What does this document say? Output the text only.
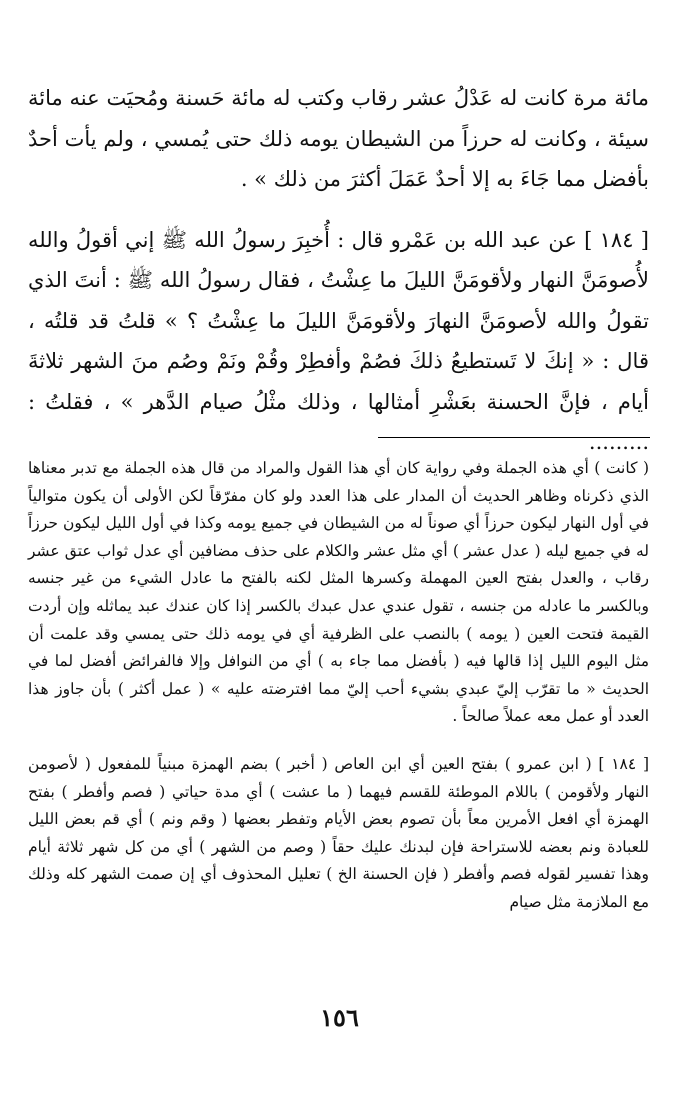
مائة مرة كانت له عَدْلُ عشر رقاب وكتب له مائة حَسنة ومُحيَت عنه مائة سيئة ، وكانت له حرزاً من الشيطان يومه ذلك حتى يُمسي ، ولم يأت أحدٌ بأفضل مما جَاءَ به إلا أحدٌ عَمَلَ أكثرَ من ذلك » .

[ ١٨٤ ] عن عبد الله بن عَمْرو قال : أُخبِرَ رسولُ الله ﷺ إني أقولُ والله لأُصومَنَّ النهار ولأقومَنَّ الليلَ ما عِشْتُ ، فقال رسولُ الله ﷺ : أنتَ الذي تقولُ والله لأصومَنَّ النهارَ ولأقومَنَّ الليلَ ما عِشْتُ ؟ » قلتُ قد قلتُه ، قال : « إنكَ لا تَستطيعُ ذلكَ فصُمْ وأفطِرْ وقُمْ ونَمْ وصُم منَ الشهر ثلاثةَ أيام ، فإنَّ الحسنة بعَشْرِ أمثالها ، وذلك مثْلُ صيام الدَّهر » ، فقلتُ : .........

( كانت ) أي هذه الجملة وفي رواية كان أي هذا القول والمراد من قال هذه الجملة مع تدبر معناها الذي ذكرناه وظاهر الحديث أن المدار على هذا العدد ولو كان مفرّقاً لكن الأولى أن يكون متوالياً في أول النهار ليكون حرزاً أي صوناً له من الشيطان في جميع يومه وكذا في أول الليل ليكون حرزاً له في جميع ليله ( عدل عشر ) أي مثل عشر والكلام على حذف مضافين أي عدل ثواب عتق عشر رقاب ، والعدل بفتح العين المهملة وكسرها المثل لكنه بالفتح ما عادل الشيء من غير جنسه وبالكسر ما عادله من جنسه ، تقول عندي عدل عبدك بالكسر إذا كان عندك عبد يماثله وإن أردت القيمة فتحت العين ( يومه ) بالنصب على الظرفية أي في يومه ذلك حتى يمسي وقد علمت أن مثل اليوم الليل إذا قالها فيه ( بأفضل مما جاء به ) أي من النوافل وإلا فالفرائض أفضل لما في الحديث « ما تقرّب إليّ عبدي بشيء أحب إليّ مما افترضته عليه » ( عمل أكثر ) بأن جاوز هذا العدد أو عمل معه عملاً صالحاً .

[ ١٨٤ ] ( ابن عمرو ) بفتح العين أي ابن العاص ( أخبر ) بضم الهمزة مبنياً للمفعول ( لأصومن النهار ولأقومن ) باللام الموطئة للقسم فيهما ( ما عشت ) أي مدة حياتي ( فصم وأفطر ) بفتح الهمزة أي افعل الأمرين معاً بأن تصوم بعض الأيام وتفطر بعضها ( وقم ونم ) أي قم بعض الليل للعبادة ونم بعضه للاستراحة فإن لبدنك عليك حقاً ( وصم من الشهر ) أي من كل شهر ثلاثة أيام وهذا تفسير لقوله فصم وأفطر ( فإن الحسنة الخ ) تعليل المحذوف أي إن صمت الشهر كله وذلك مع الملازمة مثل صيام

١٥٦
